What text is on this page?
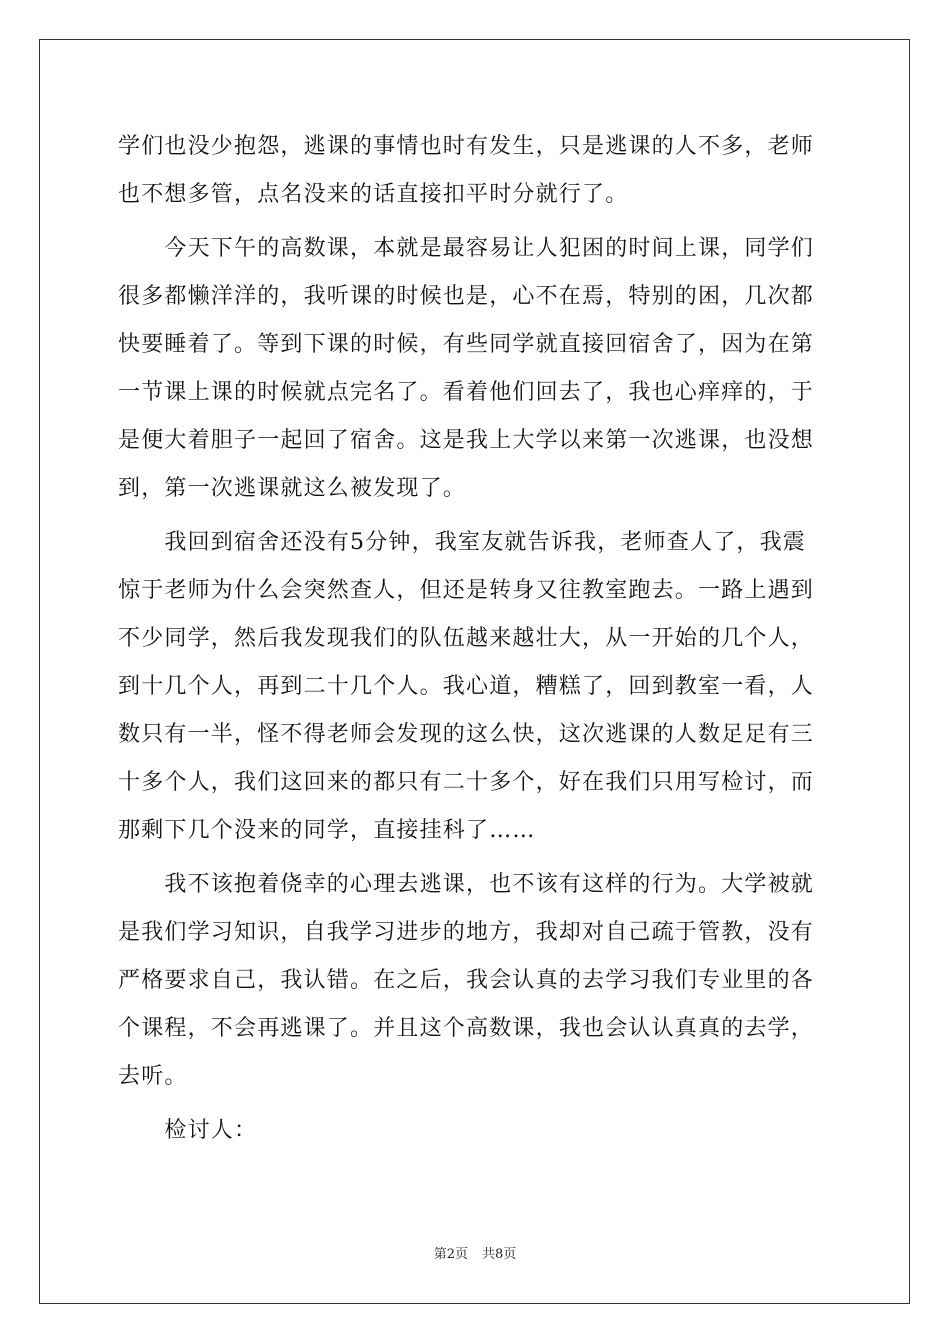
学们也没少抱怨，逃课的事情也时有发生，只是逃课的人不多，老师
也不想多管，点名没来的话直接扣平时分就行了。
　　今天下午的高数课，本就是最容易让人犯困的时间上课，同学们
很多都懒洋洋的，我听课的时候也是，心不在焉，特别的困，几次都
快要睡着了。等到下课的时候，有些同学就直接回宿舍了，因为在第
一节课上课的时候就点完名了。看着他们回去了，我也心痒痒的，于
是便大着胆子一起回了宿舍。这是我上大学以来第一次逃课，也没想
到，第一次逃课就这么被发现了。
　　我回到宿舍还没有5分钟，我室友就告诉我，老师查人了，我震
惊于老师为什么会突然查人，但还是转身又往教室跑去。一路上遇到
不少同学，然后我发现我们的队伍越来越壮大，从一开始的几个人，
到十几个人，再到二十几个人。我心道，糟糕了，回到教室一看，人
数只有一半，怪不得老师会发现的这么快，这次逃课的人数足足有三
十多个人，我们这回来的都只有二十多个，好在我们只用写检讨，而
那剩下几个没来的同学，直接挂科了……
　　我不该抱着侥幸的心理去逃课，也不该有这样的行为。大学被就
是我们学习知识，自我学习进步的地方，我却对自己疏于管教，没有
严格要求自己，我认错。在之后，我会认真的去学习我们专业里的各
个课程，不会再逃课了。并且这个高数课，我也会认认真真的去学，
去听。
　　检讨人：
第2页 共8页
